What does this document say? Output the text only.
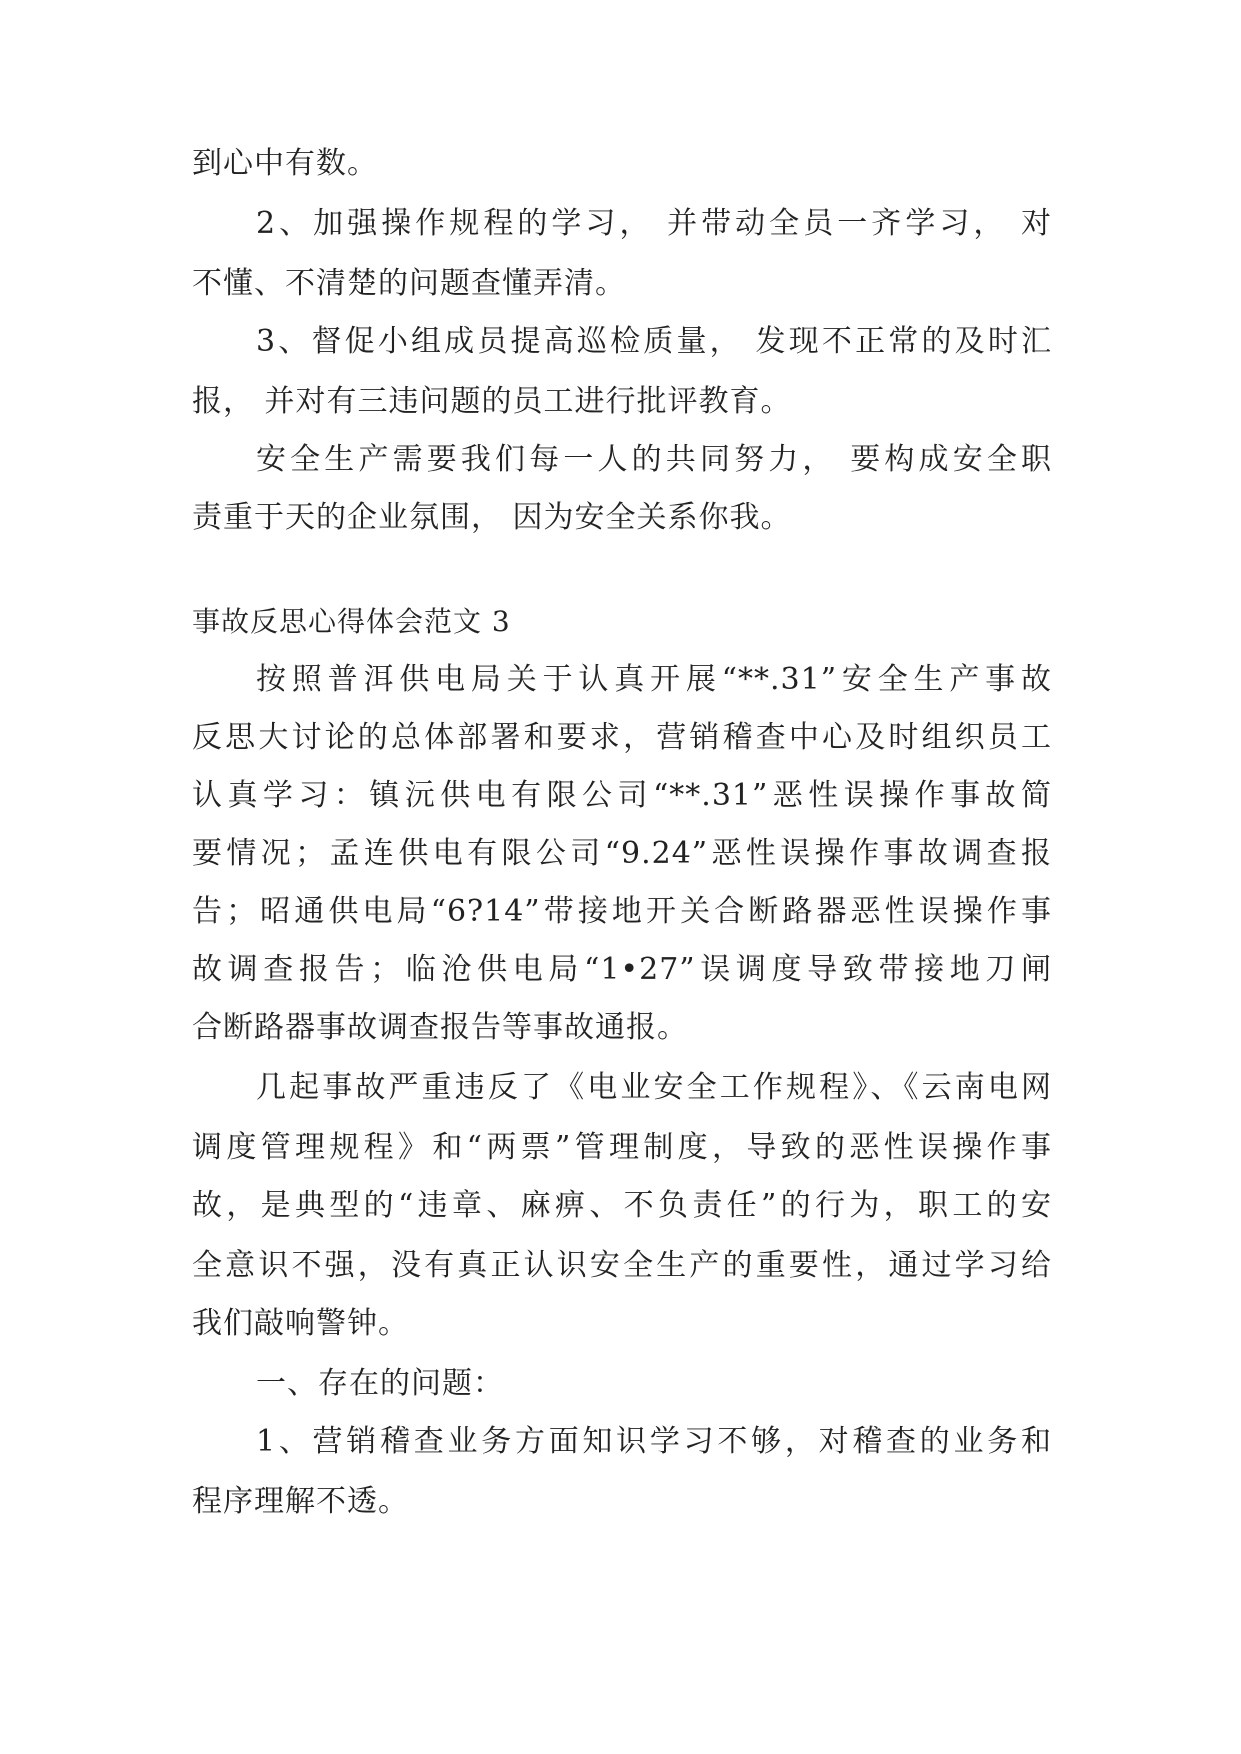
到心中有数。
2、加强操作规程的学习， 并带动全员一齐学习， 对
不懂、不清楚的问题查懂弄清。
3、督促小组成员提高巡检质量， 发现不正常的及时汇
报， 并对有三违问题的员工进行批评教育。
安全生产需要我们每一人的共同努力， 要构成安全职
责重于天的企业氛围， 因为安全关系你我。
事故反思心得体会范文 3
按照普洱供电局关于认真开展“**.31”安全生产事故
反思大讨论的总体部署和要求，营销稽查中心及时组织员工
认真学习：镇沅供电有限公司“**.31”恶性误操作事故简
要情况；孟连供电有限公司“9.24”恶性误操作事故调查报
告；昭通供电局“6?14”带接地开关合断路器恶性误操作事
故调查报告；临沧供电局“1•27”误调度导致带接地刀闸
合断路器事故调查报告等事故通报。
几起事故严重违反了《电业安全工作规程》、《云南电网
调度管理规程》和“两票”管理制度，导致的恶性误操作事
故，是典型的“违章、麻痹、不负责任”的行为，职工的安
全意识不强，没有真正认识安全生产的重要性，通过学习给
我们敲响警钟。
一、存在的问题：
1、营销稽查业务方面知识学习不够，对稽查的业务和
程序理解不透。
